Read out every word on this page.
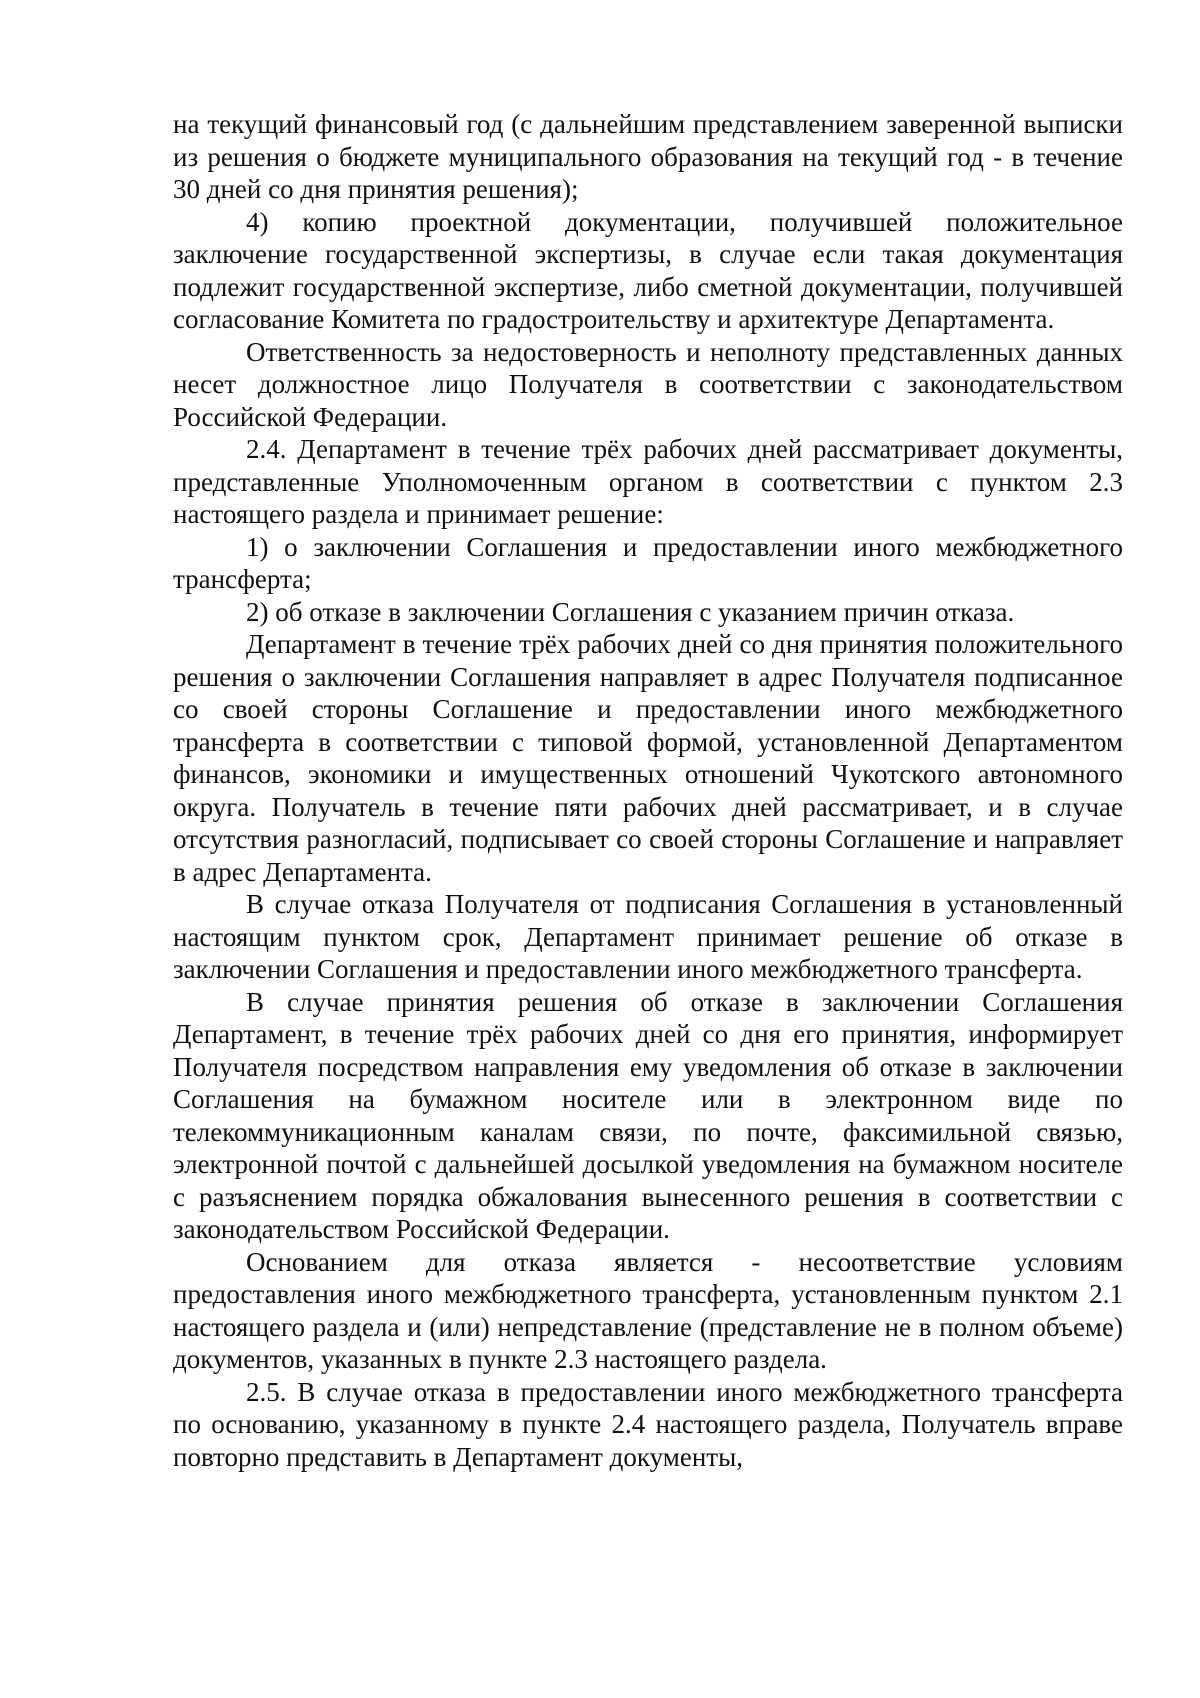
на текущий финансовый год (с дальнейшим представлением заверенной выписки из решения о бюджете муниципального образования на текущий год - в течение 30 дней со дня принятия решения);

4) копию проектной документации, получившей положительное заключение государственной экспертизы, в случае если такая документация подлежит государственной экспертизе, либо сметной документации, получившей согласование Комитета по градостроительству и архитектуре Департамента.

Ответственность за недостоверность и неполноту представленных данных несет должностное лицо Получателя в соответствии с законодательством Российской Федерации.

2.4. Департамент в течение трёх рабочих дней рассматривает документы, представленные Уполномоченным органом в соответствии с пунктом 2.3 настоящего раздела и принимает решение:

1) о заключении Соглашения и предоставлении иного межбюджетного трансферта;

2) об отказе в заключении Соглашения с указанием причин отказа.

Департамент в течение трёх рабочих дней со дня принятия положительного решения о заключении Соглашения направляет в адрес Получателя подписанное со своей стороны Соглашение и предоставлении иного межбюджетного трансферта в соответствии с типовой формой, установленной Департаментом финансов, экономики и имущественных отношений Чукотского автономного округа. Получатель в течение пяти рабочих дней рассматривает, и в случае отсутствия разногласий, подписывает со своей стороны Соглашение и направляет в адрес Департамента.

В случае отказа Получателя от подписания Соглашения в установленный настоящим пунктом срок, Департамент принимает решение об отказе в заключении Соглашения и предоставлении иного межбюджетного трансферта.

В случае принятия решения об отказе в заключении Соглашения Департамент, в течение трёх рабочих дней со дня его принятия, информирует Получателя посредством направления ему уведомления об отказе в заключении Соглашения на бумажном носителе или в электронном виде по телекоммуникационным каналам связи, по почте, факсимильной связью, электронной почтой с дальнейшей досылкой уведомления на бумажном носителе с разъяснением порядка обжалования вынесенного решения в соответствии с законодательством Российской Федерации.

Основанием для отказа является - несоответствие условиям предоставления иного межбюджетного трансферта, установленным пунктом 2.1 настоящего раздела и (или) непредставление (представление не в полном объеме) документов, указанных в пункте 2.3 настоящего раздела.

2.5. В случае отказа в предоставлении иного межбюджетного трансферта по основанию, указанному в пункте 2.4 настоящего раздела, Получатель вправе повторно представить в Департамент документы,
